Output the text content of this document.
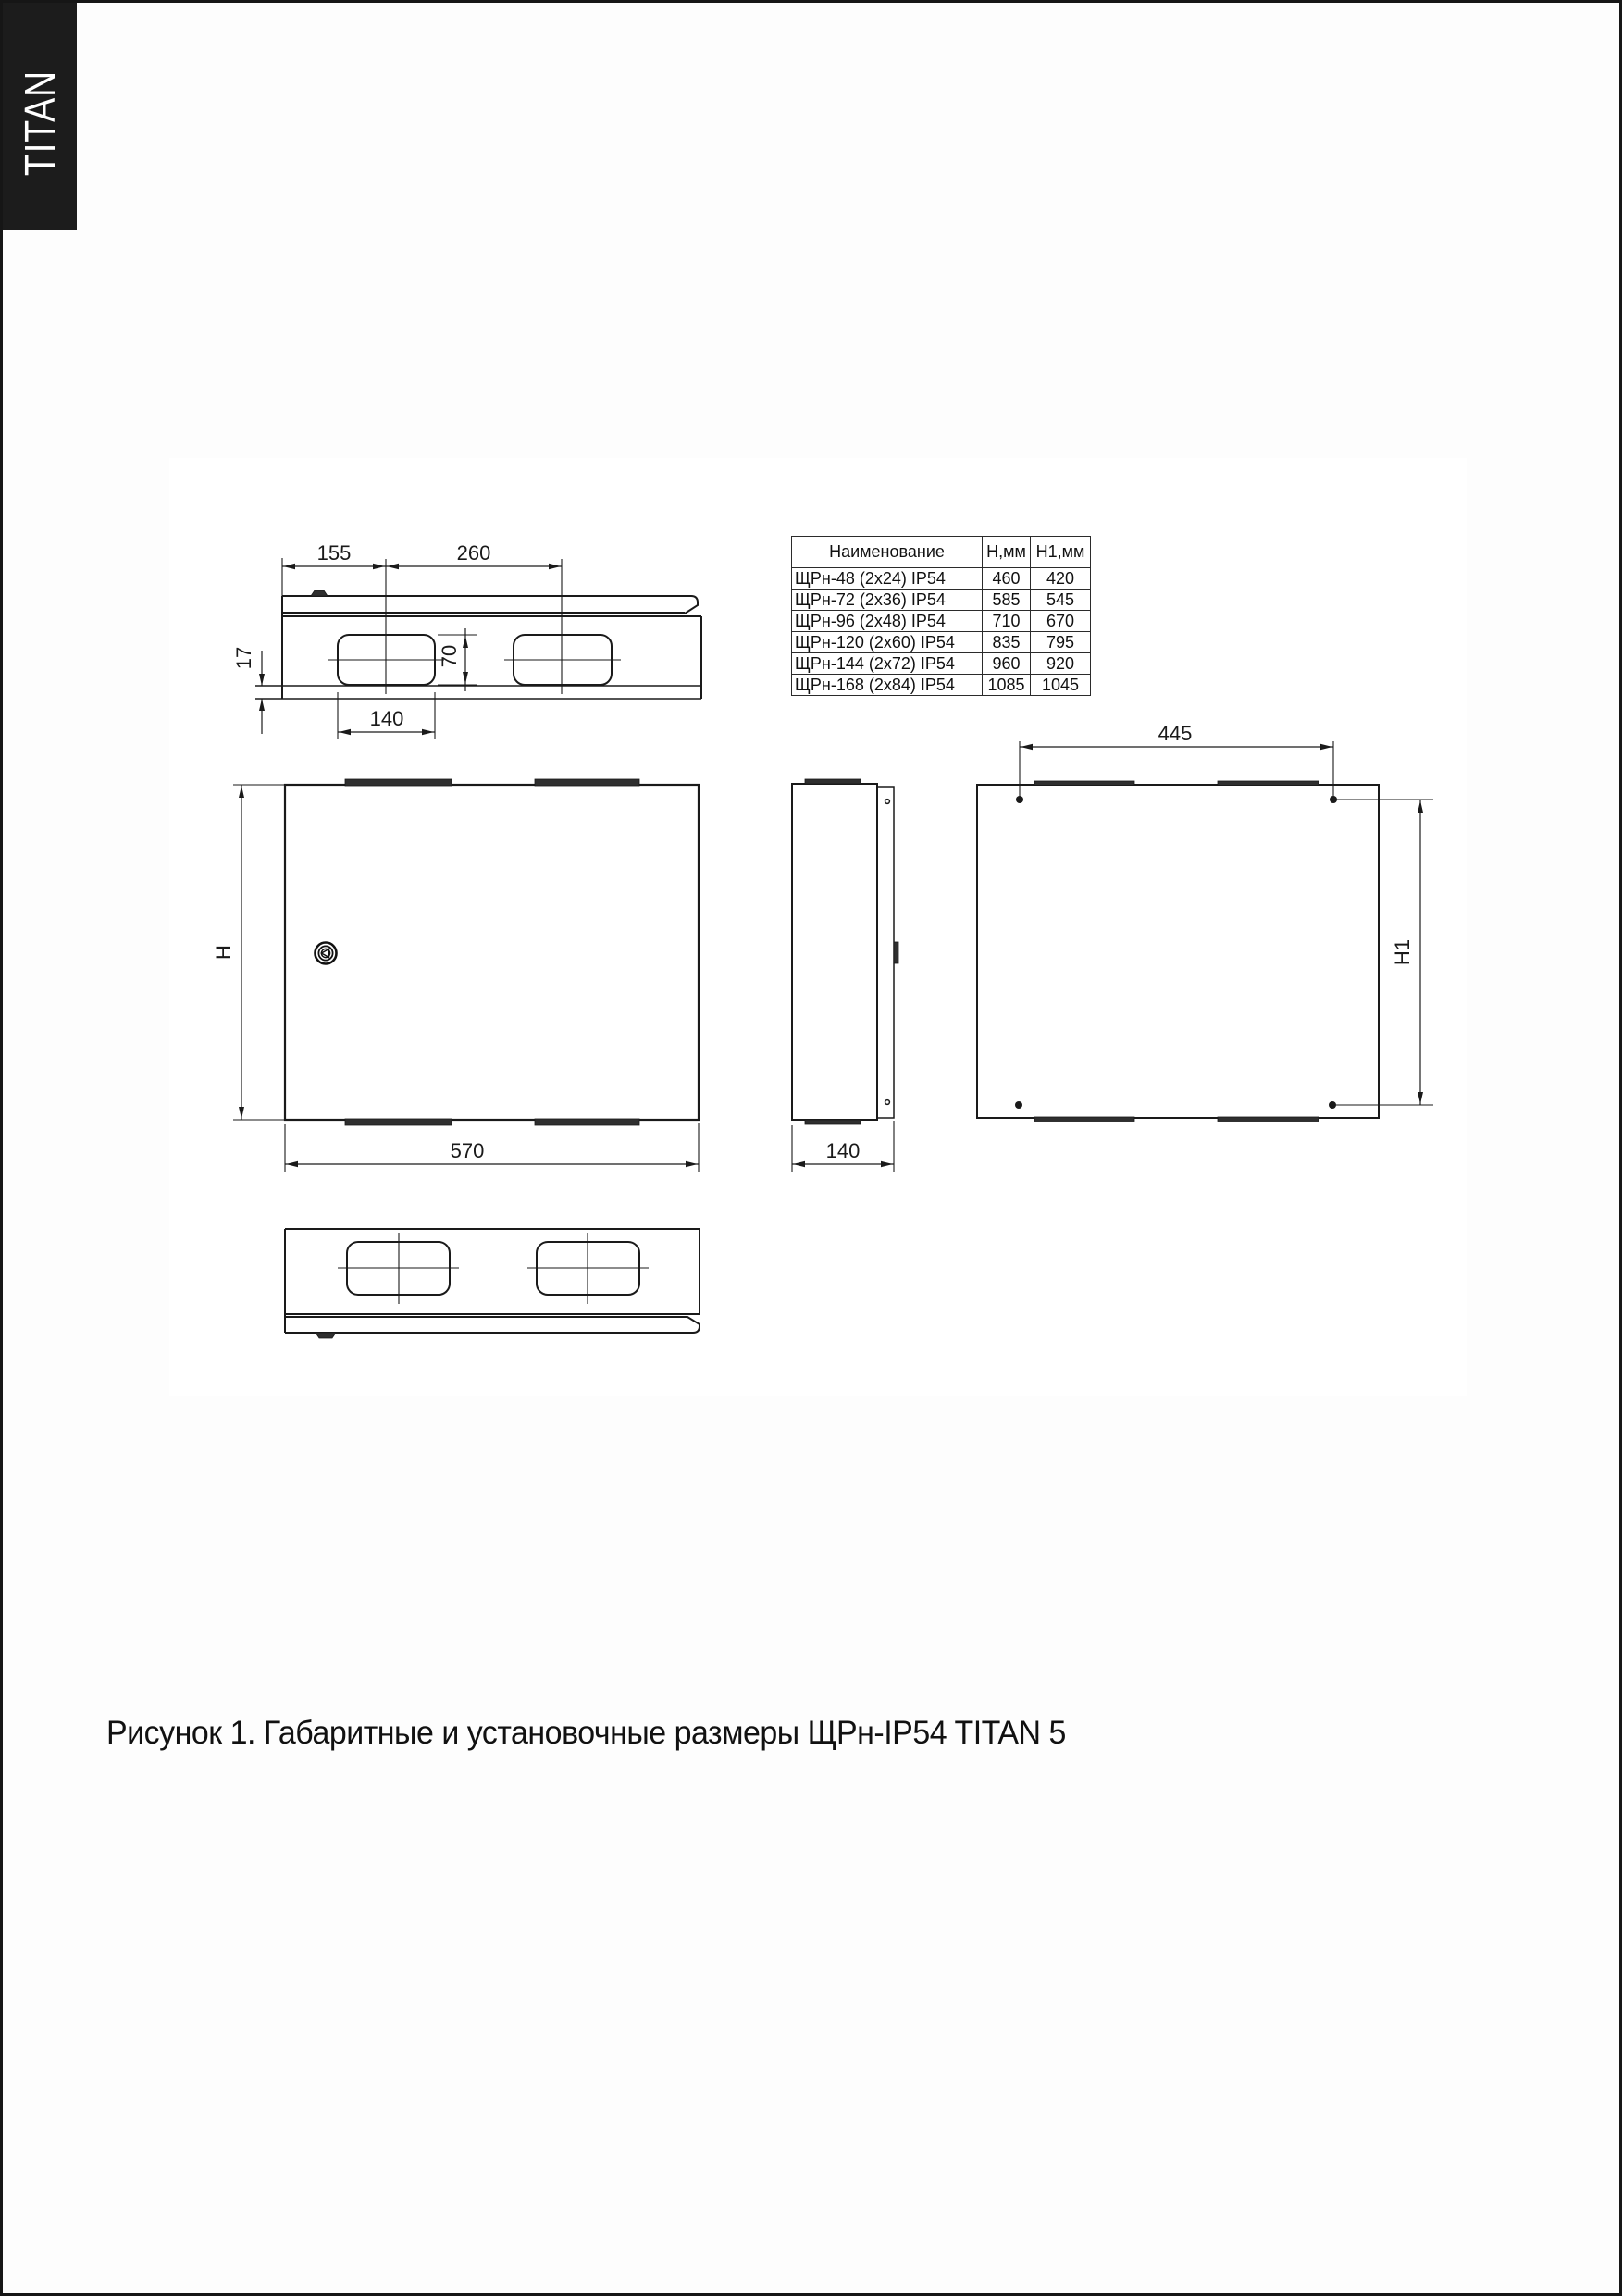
TITAN
155	260
17	70
140
H
570	140
445
H1
Наименование	Н,мм	Н1,мм
ЩРн-48 (2x24) IP54	460	420
ЩРн-72 (2x36) IP54	585	545
ЩРн-96 (2x48) IP54	710	670
ЩРн-120 (2x60) IP54	835	795
ЩРн-144 (2x72) IP54	960	920
ЩРн-168 (2x84) IP54	1085	1045
Рисунок 1. Габаритные и установочные размеры ЩРн-IP54 TITAN 5
